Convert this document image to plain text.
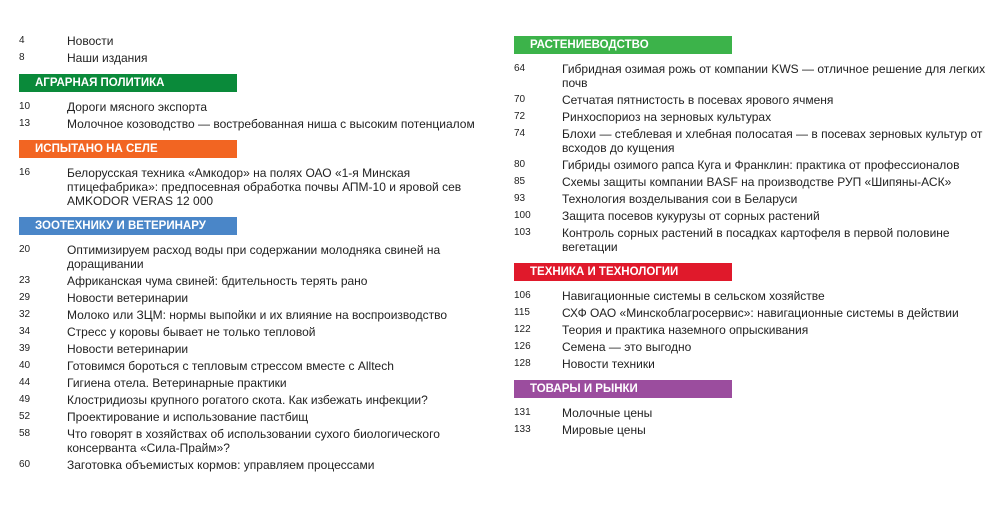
4	Новости
8	Наши издания
АГРАРНАЯ ПОЛИТИКА
10	Дороги мясного экспорта
13	Молочное козоводство — востребованная ниша с высоким потенциалом
ИСПЫТАНО НА СЕЛЕ
16	Белорусская техника «Амкодор» на полях ОАО «1-я Минская птицефабрика»: предпосевная обработка почвы АПМ-10 и яровой сев AMKODOR VERAS 12 000
ЗООТЕХНИКУ И ВЕТЕРИНАРУ
20	Оптимизируем расход воды при содержании молодняка свиней на доращивании
23	Африканская чума свиней: бдительность терять рано
29	Новости ветеринарии
32	Молоко или ЗЦМ: нормы выпойки и их влияние на воспроизводство
34	Стресс у коровы бывает не только тепловой
39	Новости ветеринарии
40	Готовимся бороться с тепловым стрессом вместе с Alltech
44	Гигиена отела. Ветеринарные практики
49	Клостридиозы крупного рогатого скота. Как избежать инфекции?
52	Проектирование и использование пастбищ
58	Что говорят в хозяйствах об использовании сухого биологического консерванта «Сила-Прайм»?
60	Заготовка объемистых кормов: управляем процессами
РАСТЕНИЕВОДСТВО
64	Гибридная озимая рожь от компании KWS — отличное решение для легких почв
70	Сетчатая пятнистость в посевах ярового ячменя
72	Ринхоспориоз на зерновых культурах
74	Блохи — стеблевая и хлебная полосатая — в посевах зерновых культур от всходов до кущения
80	Гибриды озимого рапса Куга и Франклин: практика от профессионалов
85	Схемы защиты компании BASF на производстве РУП «Шипяны-АСК»
93	Технология возделывания сои в Беларуси
100	Защита посевов кукурузы от сорных растений
103	Контроль сорных растений в посадках картофеля в первой половине вегетации
ТЕХНИКА И ТЕХНОЛОГИИ
106	Навигационные системы в сельском хозяйстве
115	СХФ ОАО «Минскоблагросервис»: навигационные системы в действии
122	Теория и практика наземного опрыскивания
126	Семена — это выгодно
128	Новости техники
ТОВАРЫ И РЫНКИ
131	Молочные цены
133	Мировые цены
